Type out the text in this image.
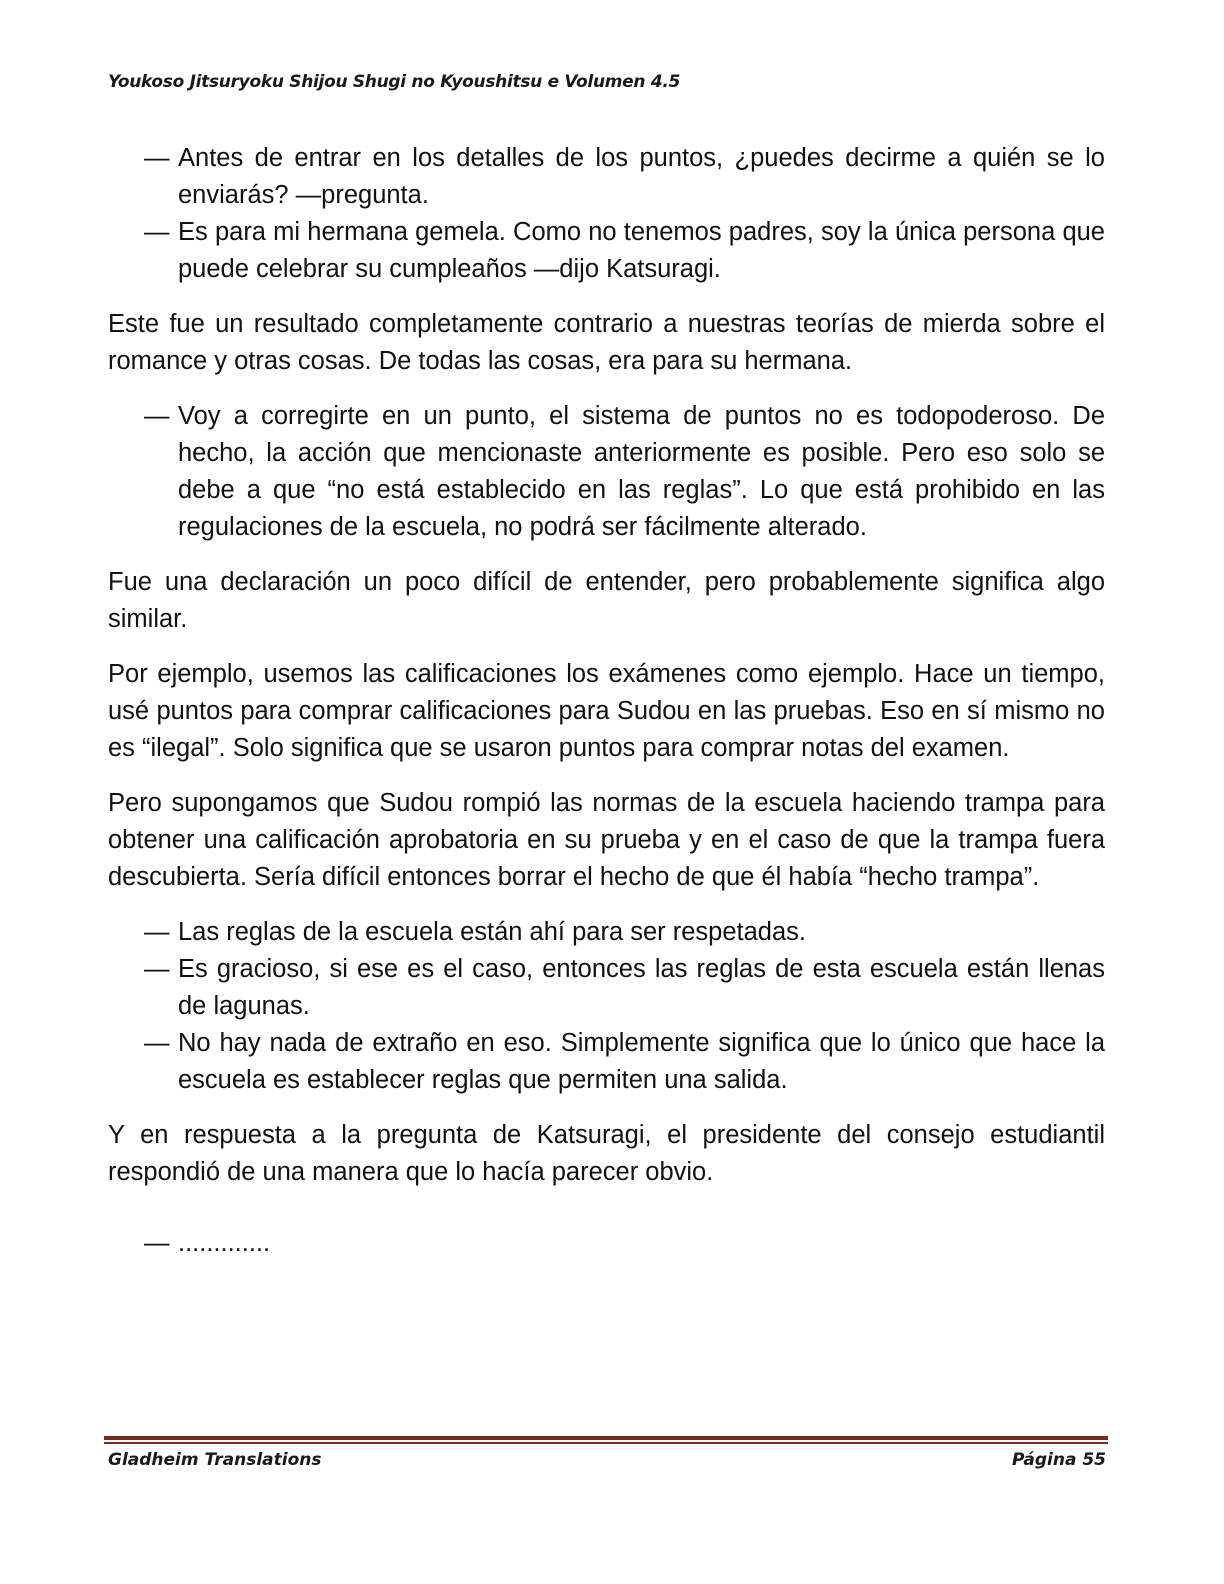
Youkoso Jitsuryoku Shijou Shugi no Kyoushitsu e Volumen 4.5
— Antes de entrar en los detalles de los puntos, ¿puedes decirme a quién se lo enviarás? —pregunta.
— Es para mi hermana gemela. Como no tenemos padres, soy la única persona que puede celebrar su cumpleaños —dijo Katsuragi.

Este fue un resultado completamente contrario a nuestras teorías de mierda sobre el romance y otras cosas. De todas las cosas, era para su hermana.

— Voy a corregirte en un punto, el sistema de puntos no es todopoderoso. De hecho, la acción que mencionaste anteriormente es posible. Pero eso solo se debe a que “no está establecido en las reglas”. Lo que está prohibido en las regulaciones de la escuela, no podrá ser fácilmente alterado.

Fue una declaración un poco difícil de entender, pero probablemente significa algo similar.

Por ejemplo, usemos las calificaciones los exámenes como ejemplo. Hace un tiempo, usé puntos para comprar calificaciones para Sudou en las pruebas. Eso en sí mismo no es “ilegal”. Solo significa que se usaron puntos para comprar notas del examen.

Pero supongamos que Sudou rompió las normas de la escuela haciendo trampa para obtener una calificación aprobatoria en su prueba y en el caso de que la trampa fuera descubierta. Sería difícil entonces borrar el hecho de que él había “hecho trampa”.

— Las reglas de la escuela están ahí para ser respetadas.
— Es gracioso, si ese es el caso, entonces las reglas de esta escuela están llenas de lagunas.
— No hay nada de extraño en eso. Simplemente significa que lo único que hace la escuela es establecer reglas que permiten una salida.

Y en respuesta a la pregunta de Katsuragi, el presidente del consejo estudiantil respondió de una manera que lo hacía parecer obvio.

— .............
Gladheim Translations	Página 55
